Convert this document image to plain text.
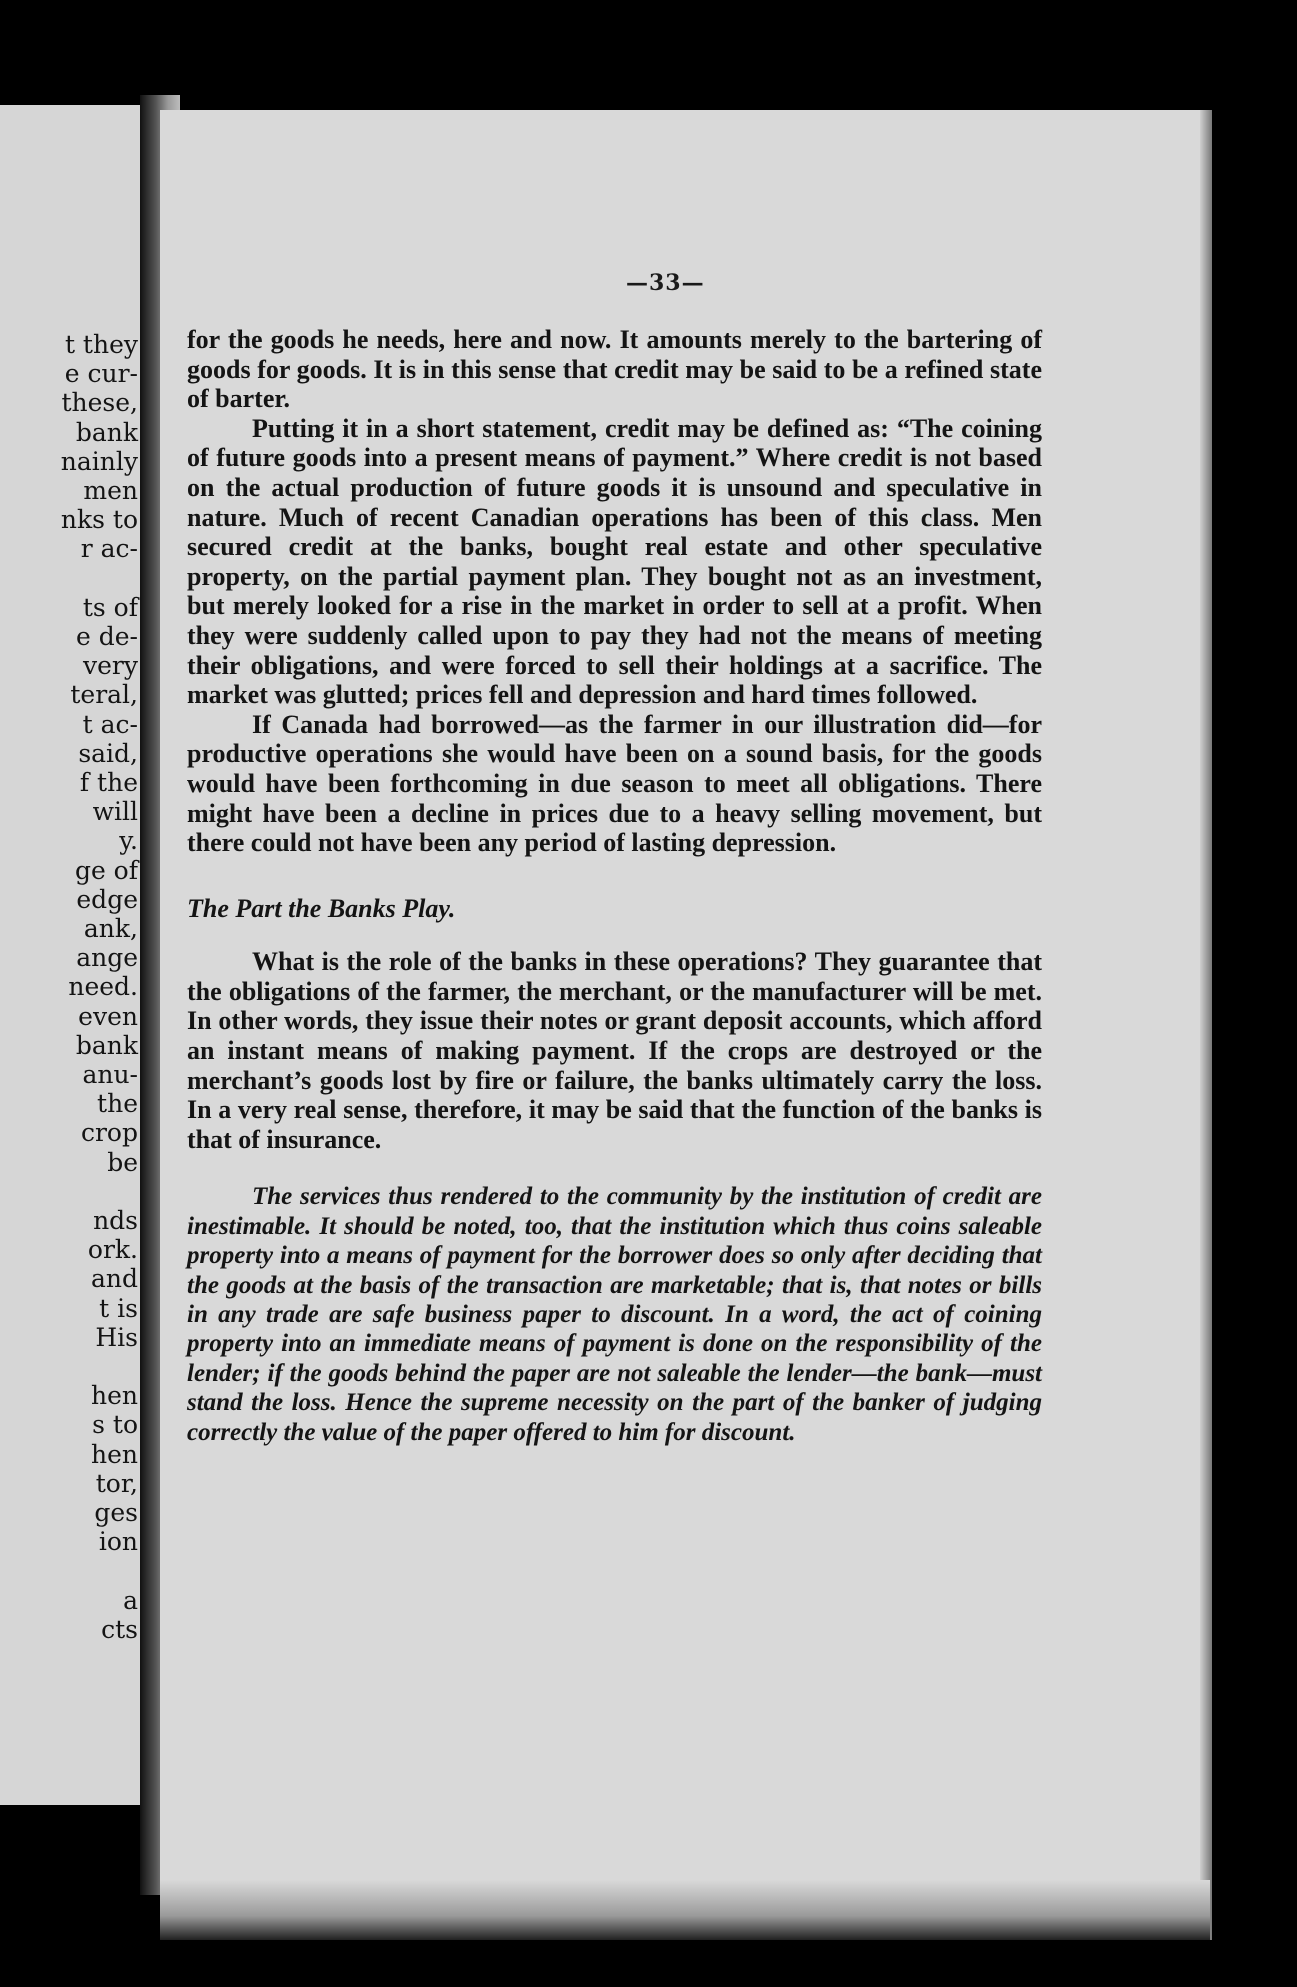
t they
e cur-
these,
bank
nainly
men
nks to
r ac-
ts of
e de-
very
teral,
t ac-
said,
f the
will
y.
ge of
edge
ank,
ange
need.
even
bank
anu-
the
crop
be
nds
ork.
and
t is
His
hen
s to
hen
tor,
ges
ion
a
cts
—33—

for the goods he needs, here and now. It amounts merely to the bartering of goods for goods. It is in this sense that credit may be said to be a refined state of barter.

Putting it in a short statement, credit may be defined as: “The coining of future goods into a present means of payment.” Where credit is not based on the actual production of future goods it is unsound and speculative in nature. Much of recent Canadian operations has been of this class. Men secured credit at the banks, bought real estate and other speculative property, on the partial payment plan. They bought not as an investment, but merely looked for a rise in the market in order to sell at a profit. When they were suddenly called upon to pay they had not the means of meeting their obligations, and were forced to sell their holdings at a sacrifice. The market was glutted; prices fell and depression and hard times followed.

If Canada had borrowed—as the farmer in our illustration did—for productive operations she would have been on a sound basis, for the goods would have been forthcoming in due season to meet all obligations. There might have been a decline in prices due to a heavy selling movement, but there could not have been any period of lasting depression.

The Part the Banks Play.

What is the role of the banks in these operations? They guarantee that the obligations of the farmer, the merchant, or the manufacturer will be met. In other words, they issue their notes or grant deposit accounts, which afford an instant means of making payment. If the crops are destroyed or the merchant’s goods lost by fire or failure, the banks ultimately carry the loss. In a very real sense, therefore, it may be said that the function of the banks is that of insurance.

The services thus rendered to the community by the institution of credit are inestimable. It should be noted, too, that the institution which thus coins saleable property into a means of payment for the borrower does so only after deciding that the goods at the basis of the transaction are marketable; that is, that notes or bills in any trade are safe business paper to discount. In a word, the act of coining property into an immediate means of payment is done on the responsibility of the lender; if the goods behind the paper are not saleable the lender—the bank—must stand the loss. Hence the supreme necessity on the part of the banker of judging correctly the value of the paper offered to him for discount.
